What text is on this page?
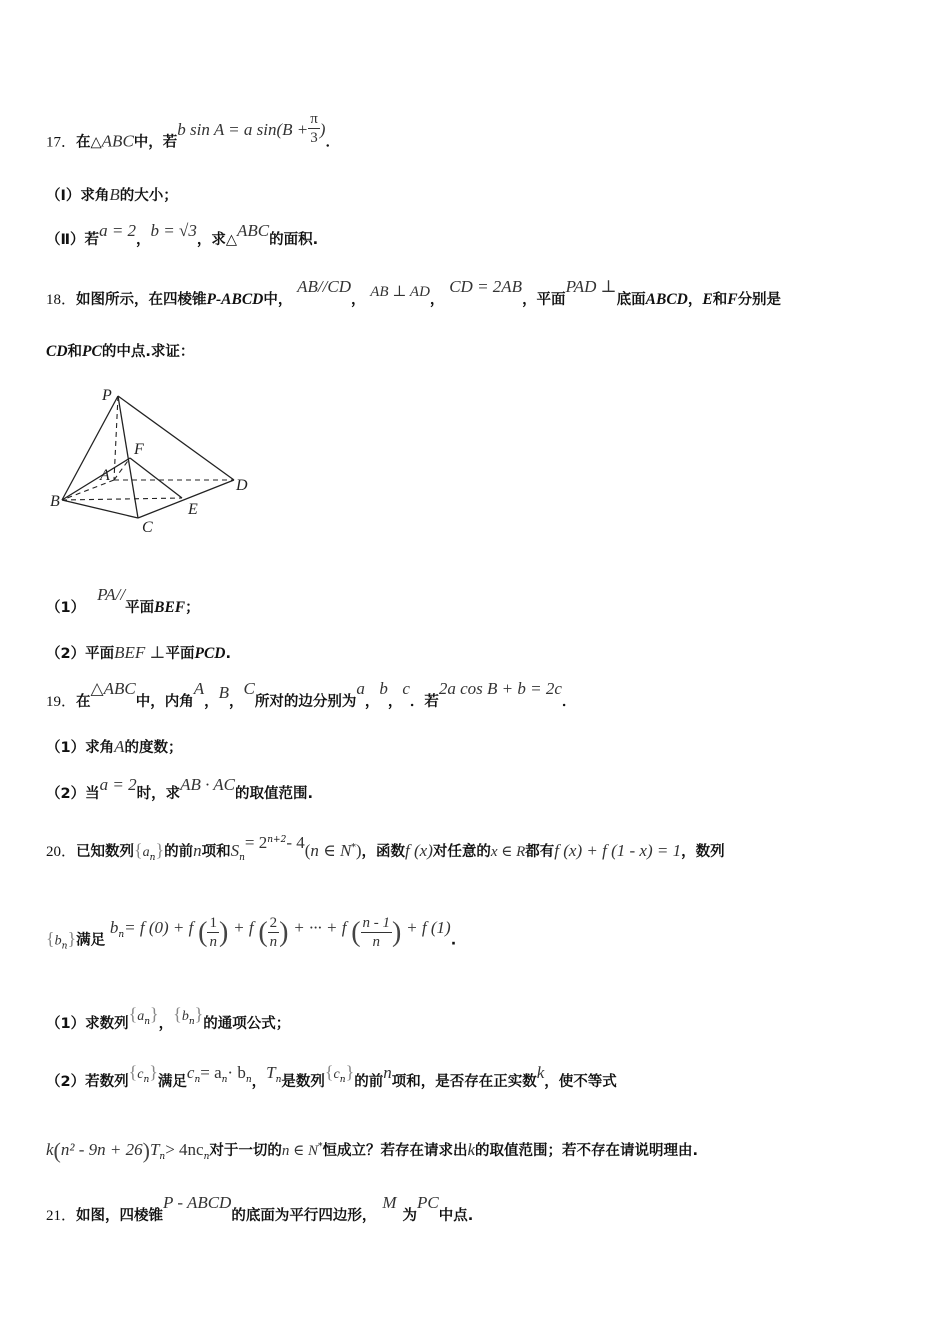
17．在△ABC中，若b sin A = a $\sin(B + \frac{\pi}{3}$ )．
（Ⅰ）求角B的大小；
（Ⅱ）若a = 2，b = √3，求△ABC的面积.
18．如图所示，在四棱锥P-ABCD中， AB//CD， AB ⊥ AD， CD = 2AB，平面PAD ⊥底面ABCD，E和F分别是
CD和PC的中点.求证：
P
F
A
B
C
E
D
（1）PA//平面BEF；
（2）平面BEF ⊥平面PCD.
19．在△ABC中，内角A，B，C所对的边分别为a，b，c．若2a cos B + b = 2c．
（1）求角A的度数；
（2）当a = 2时，求AB · AC的取值范围.
20．已知数列$\{a_n\}$的前n项和$S_n= 2^{n+2}-$ 4(n ∈ N*)，函数f (x)对任意的x ∈ R都有f (x) + f (1 - x) = 1，数列
$\{b_n\}$满足 $b_n= f$ (0) + f ( $\frac{1}{n}$ ) + f ( $\frac{2}{n}$ ) + ··· + f ( $\frac{n - 1}{n}$ ) + f (1).
（1）求数列$\{a_n\}$，$\{b_n\}$的通项公式；
（2）若数列$\{c_n\}$满足$c_n= a_n\cdot b_n$，$T_n$是数列$\{c_n\}$的前n项和，是否存在正实数k，使不等式
$k(n^2 - 9n + 26)T_n> 4nc_n$对于一切的n ∈ N*恒成立？若存在请求出k的取值范围；若不存在请说明理由.
21．如图，四棱锥P - ABCD的底面为平行四边形，M为PC中点.
